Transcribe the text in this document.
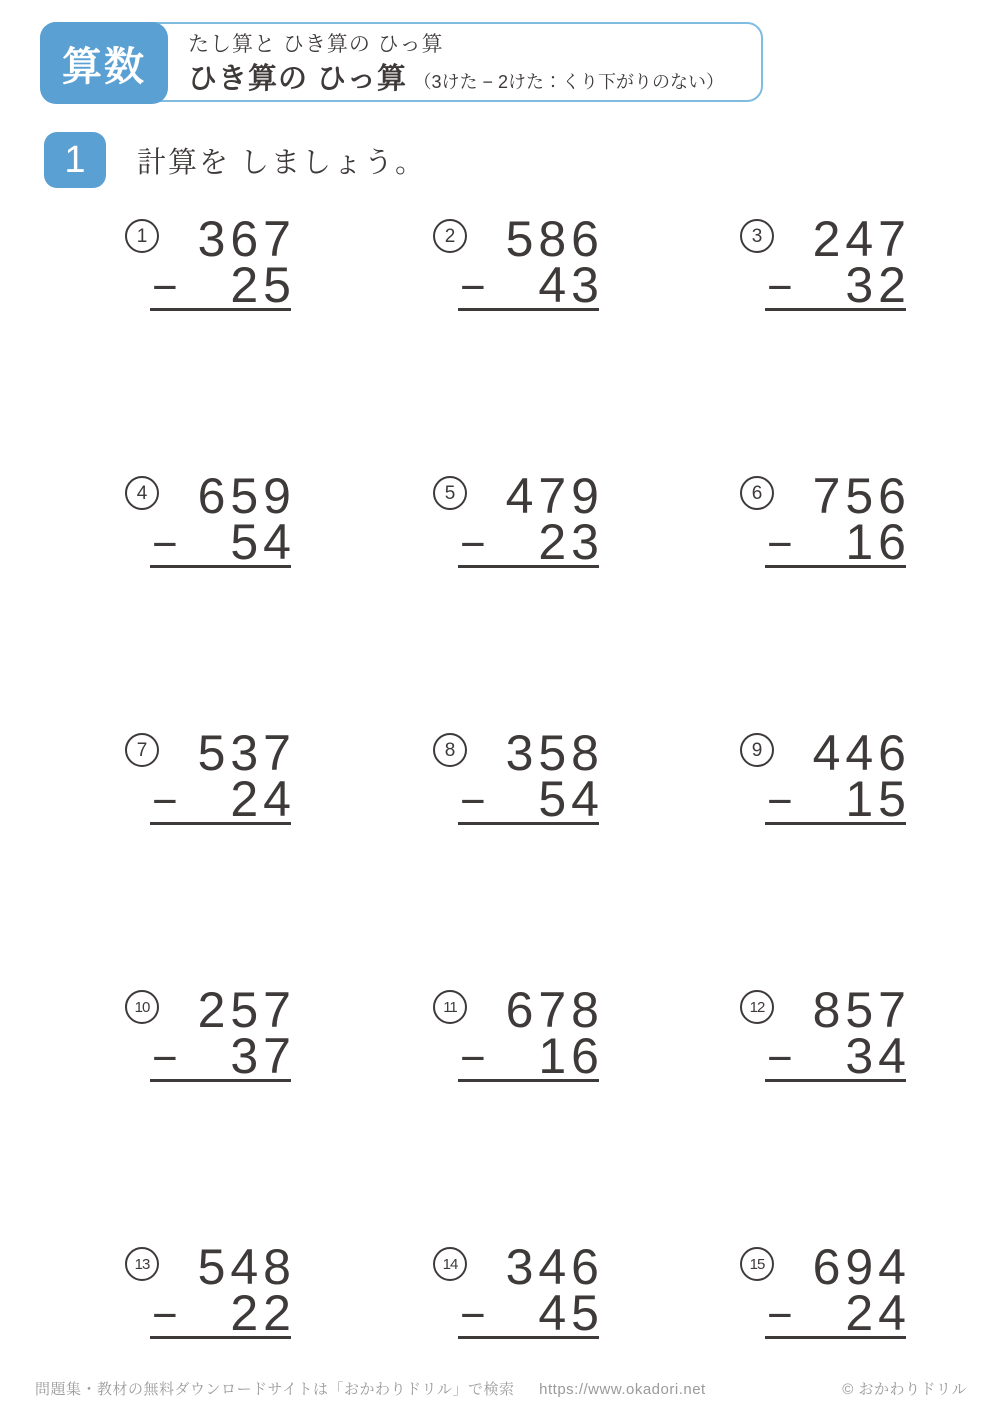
算数	たし算と ひき算の ひっ算
ひき算の ひっ算 （3けた − 2けた：くり下がりのない）
1	計算を しましょう。
1 367
− 25
2 586
− 43
3 247
− 32
4 659
− 54
5 479
− 23
6 756
− 16
7 537
− 24
8 358
− 54
9 446
− 15
10 257
− 37
11 678
− 16
12 857
− 34
13 548
− 22
14 346
− 45
15 694
− 24
問題集・教材の無料ダウンロードサイトは「おかわりドリル」で検索 https://www.okadori.net	© おかわりドリル
